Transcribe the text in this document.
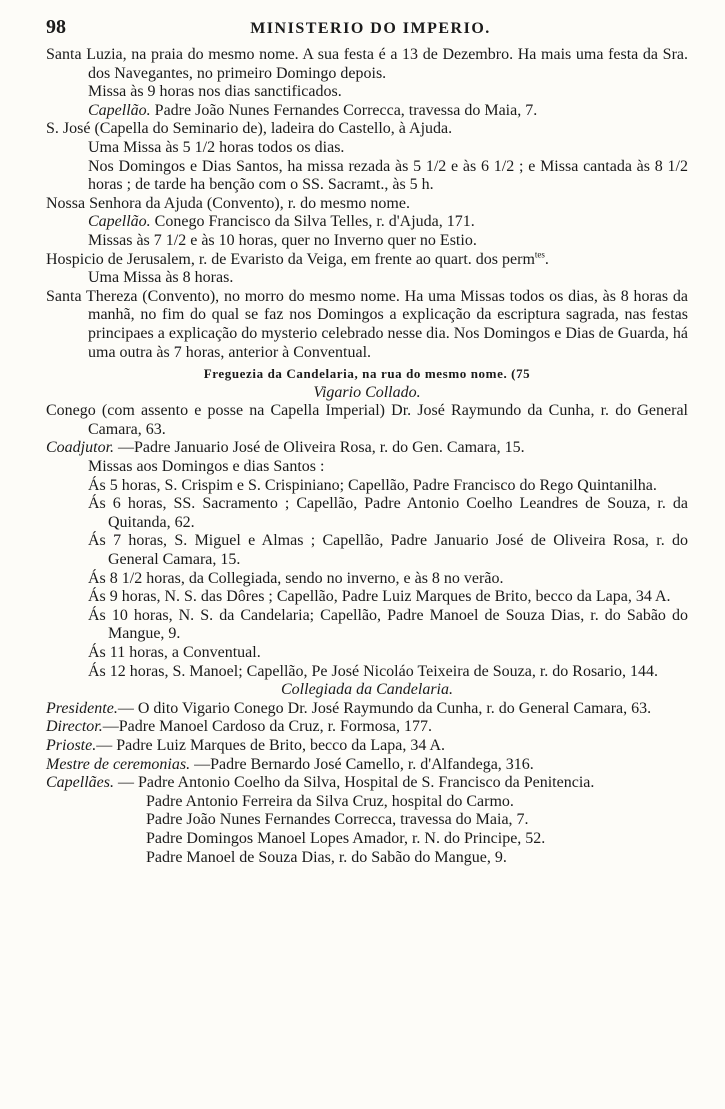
98	MINISTERIO DO IMPERIO.

Santa Luzia, na praia do mesmo nome. A sua festa é a 13 de Dezembro. Ha mais uma festa da Sra. dos Navegantes, no primeiro Domingo depois.

Missa às 9 horas nos dias sanctificados.

Capellão. Padre João Nunes Fernandes Correcca, travessa do Maia, 7.

S. José (Capella do Seminario de), ladeira do Castello, à Ajuda.

Uma Missa às 5 1/2 horas todos os dias.

Nos Domingos e Dias Santos, ha missa rezada às 5 1/2 e às 6 1/2 ; e Missa cantada às 8 1/2 horas ; de tarde ha benção com o SS. Sacramt., às 5 h.

Nossa Senhora da Ajuda (Convento), r. do mesmo nome.

Capellão. Conego Francisco da Silva Telles, r. d'Ajuda, 171.

Missas às 7 1/2 e às 10 horas, quer no Inverno quer no Estio.

Hospicio de Jerusalem, r. de Evaristo da Veiga, em frente ao quart. dos perm$^{tes}$.

Uma Missa às 8 horas.

Santa Thereza (Convento), no morro do mesmo nome. Ha uma Missas todos os dias, às 8 horas da manhã, no fim do qual se faz nos Domingos a explicação da escriptura sagrada, nas festas principaes a explicação do mysterio celebrado nesse dia. Nos Domingos e Dias de Guarda, há uma outra às 7 horas, anterior à Conventual.

Freguezia da Candelaria, na rua do mesmo nome. (75

Vigario Collado.

Conego (com assento e posse na Capella Imperial) Dr. José Raymundo da Cunha, r. do General Camara, 63.

Coadjutor. —Padre Januario José de Oliveira Rosa, r. do Gen. Camara, 15.

Missas aos Domingos e dias Santos :

Ás 5 horas, S. Crispim e S. Crispiniano; Capellão, Padre Francisco do Rego Quintanilha.

Ás 6 horas, SS. Sacramento ; Capellão, Padre Antonio Coelho Leandres de Souza, r. da Quitanda, 62.

Ás 7 horas, S. Miguel e Almas ; Capellão, Padre Januario José de Oliveira Rosa, r. do General Camara, 15.

Ás 8 1/2 horas, da Collegiada, sendo no inverno, e às 8 no verão.

Ás 9 horas, N. S. das Dôres ; Capellão, Padre Luiz Marques de Brito, becco da Lapa, 34 A.

Ás 10 horas, N. S. da Candelaria; Capellão, Padre Manoel de Souza Dias, r. do Sabão do Mangue, 9.

Ás 11 horas, a Conventual.

Ás 12 horas, S. Manoel; Capellão, Pe José Nicoláo Teixeira de Souza, r. do Rosario, 144.

Collegiada da Candelaria.

Presidente.— O dito Vigario Conego Dr. José Raymundo da Cunha, r. do General Camara, 63.

Director.—Padre Manoel Cardoso da Cruz, r. Formosa, 177.

Prioste.— Padre Luiz Marques de Brito, becco da Lapa, 34 A.

Mestre de ceremonias. —Padre Bernardo José Camello, r. d'Alfandega, 316.

Capellães. — Padre Antonio Coelho da Silva, Hospital de S. Francisco da Penitencia.

Padre Antonio Ferreira da Silva Cruz, hospital do Carmo.

Padre João Nunes Fernandes Correcca, travessa do Maia, 7.

Padre Domingos Manoel Lopes Amador, r. N. do Principe, 52.

Padre Manoel de Souza Dias, r. do Sabão do Mangue, 9.
